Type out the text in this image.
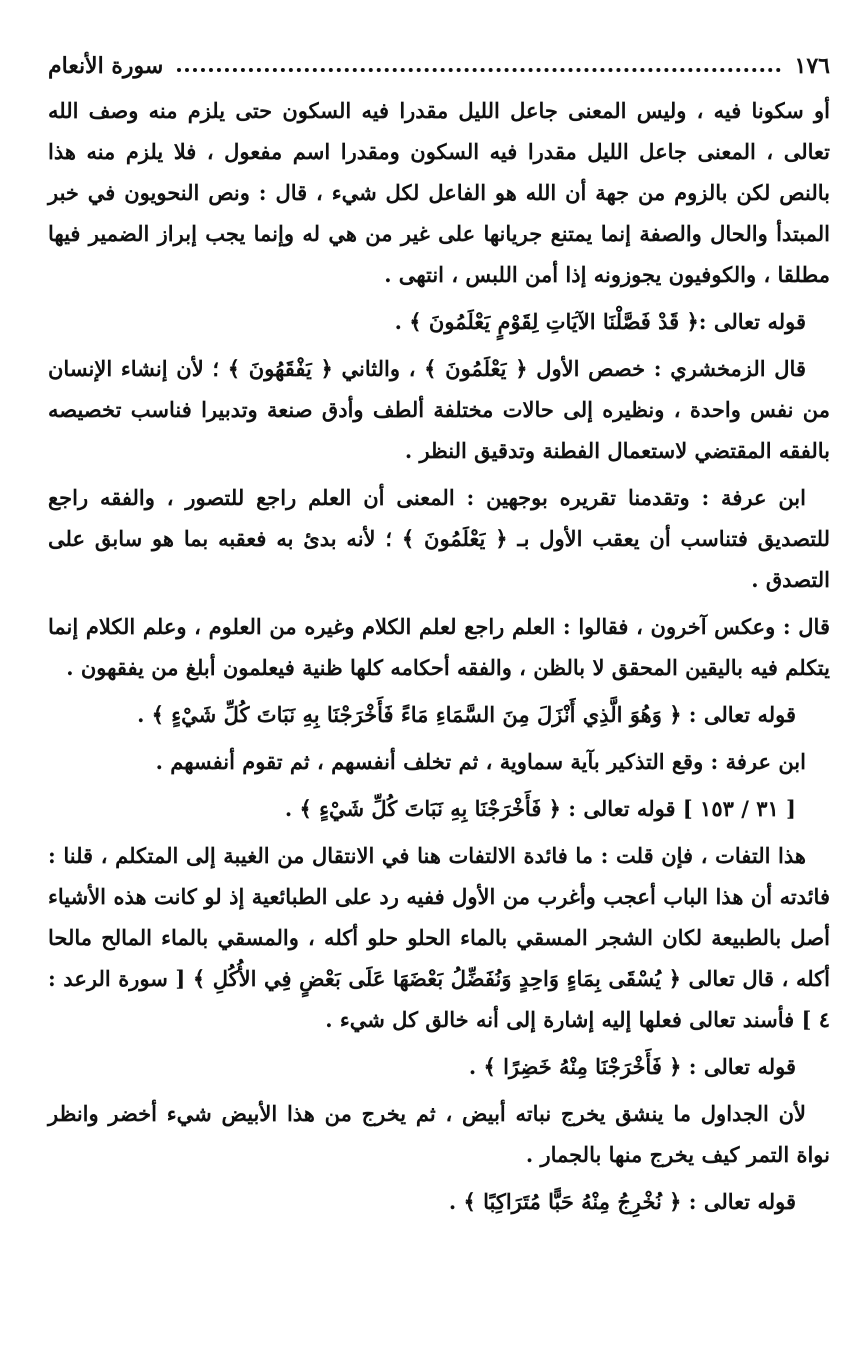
١٧٦
سورة الأنعام

أو سكونا فيه ، وليس المعنى جاعل الليل مقدرا فيه السكون حتى يلزم منه وصف الله تعالى ، المعنى جاعل الليل مقدرا فيه السكون ومقدرا اسم مفعول ، فلا يلزم منه هذا بالنص لكن بالزوم من جهة أن الله هو الفاعل لكل شيء ، قال : ونص النحويون في خبر المبتدأ والحال والصفة إنما يمتنع جريانها على غير من هي له وإنما يجب إبراز الضمير فيها مطلقا ، والكوفيون يجوزونه إذا أمن اللبس ، انتهى .

قوله تعالى :﴿ قَدْ فَصَّلْنَا الآيَاتِ لِقَوْمٍ يَعْلَمُونَ ﴾ .

قال الزمخشري : خصص الأول ﴿ يَعْلَمُونَ ﴾ ، والثاني ﴿ يَفْقَهُونَ ﴾ ؛ لأن إنشاء الإنسان من نفس واحدة ، ونظيره إلى حالات مختلفة ألطف وأدق صنعة وتدبيرا فناسب تخصيصه بالفقه المقتضي لاستعمال الفطنة وتدقيق النظر .

ابن عرفة : وتقدمنا تقريره بوجهين : المعنى أن العلم راجع للتصور ، والفقه راجع للتصديق فتناسب أن يعقب الأول بـ ﴿ يَعْلَمُونَ ﴾ ؛ لأنه بدئ به فعقبه بما هو سابق على التصدق .

قال : وعكس آخرون ، فقالوا : العلم راجع لعلم الكلام وغيره من العلوم ، وعلم الكلام إنما يتكلم فيه باليقين المحقق لا بالظن ، والفقه أحكامه كلها ظنية فيعلمون أبلغ من يفقهون .

قوله تعالى : ﴿ وَهُوَ الَّذِي أَنْزَلَ مِنَ السَّمَاءِ مَاءً فَأَخْرَجْنَا بِهِ نَبَاتَ كُلِّ شَيْءٍ ﴾ .

ابن عرفة : وقع التذكير بآية سماوية ، ثم تخلف أنفسهم ، ثم تقوم أنفسهم .

[ ٣١ / ١٥٣ ] قوله تعالى : ﴿ فَأَخْرَجْنَا بِهِ نَبَاتَ كُلِّ شَيْءٍ ﴾ .

هذا التفات ، فإن قلت : ما فائدة الالتفات هنا في الانتقال من الغيبة إلى المتكلم ، قلنا : فائدته أن هذا الباب أعجب وأغرب من الأول ففيه رد على الطبائعية إذ لو كانت هذه الأشياء أصل بالطبيعة لكان الشجر المسقي بالماء الحلو حلو أكله ، والمسقي بالماء المالح مالحا أكله ، قال تعالى ﴿ يُسْقَى بِمَاءٍ وَاحِدٍ وَنُفَضِّلُ بَعْضَهَا عَلَى بَعْضٍ فِي الأُكُلِ ﴾ [ سورة الرعد : ٤ ] فأسند تعالى فعلها إليه إشارة إلى أنه خالق كل شيء .

قوله تعالى : ﴿ فَأَخْرَجْنَا مِنْهُ خَضِرًا ﴾ .

لأن الجداول ما ينشق يخرج نباته أبيض ، ثم يخرج من هذا الأبيض شيء أخضر وانظر نواة التمر كيف يخرج منها بالجمار .

قوله تعالى : ﴿ نُخْرِجُ مِنْهُ حَبًّا مُتَرَاكِبًا ﴾ .
